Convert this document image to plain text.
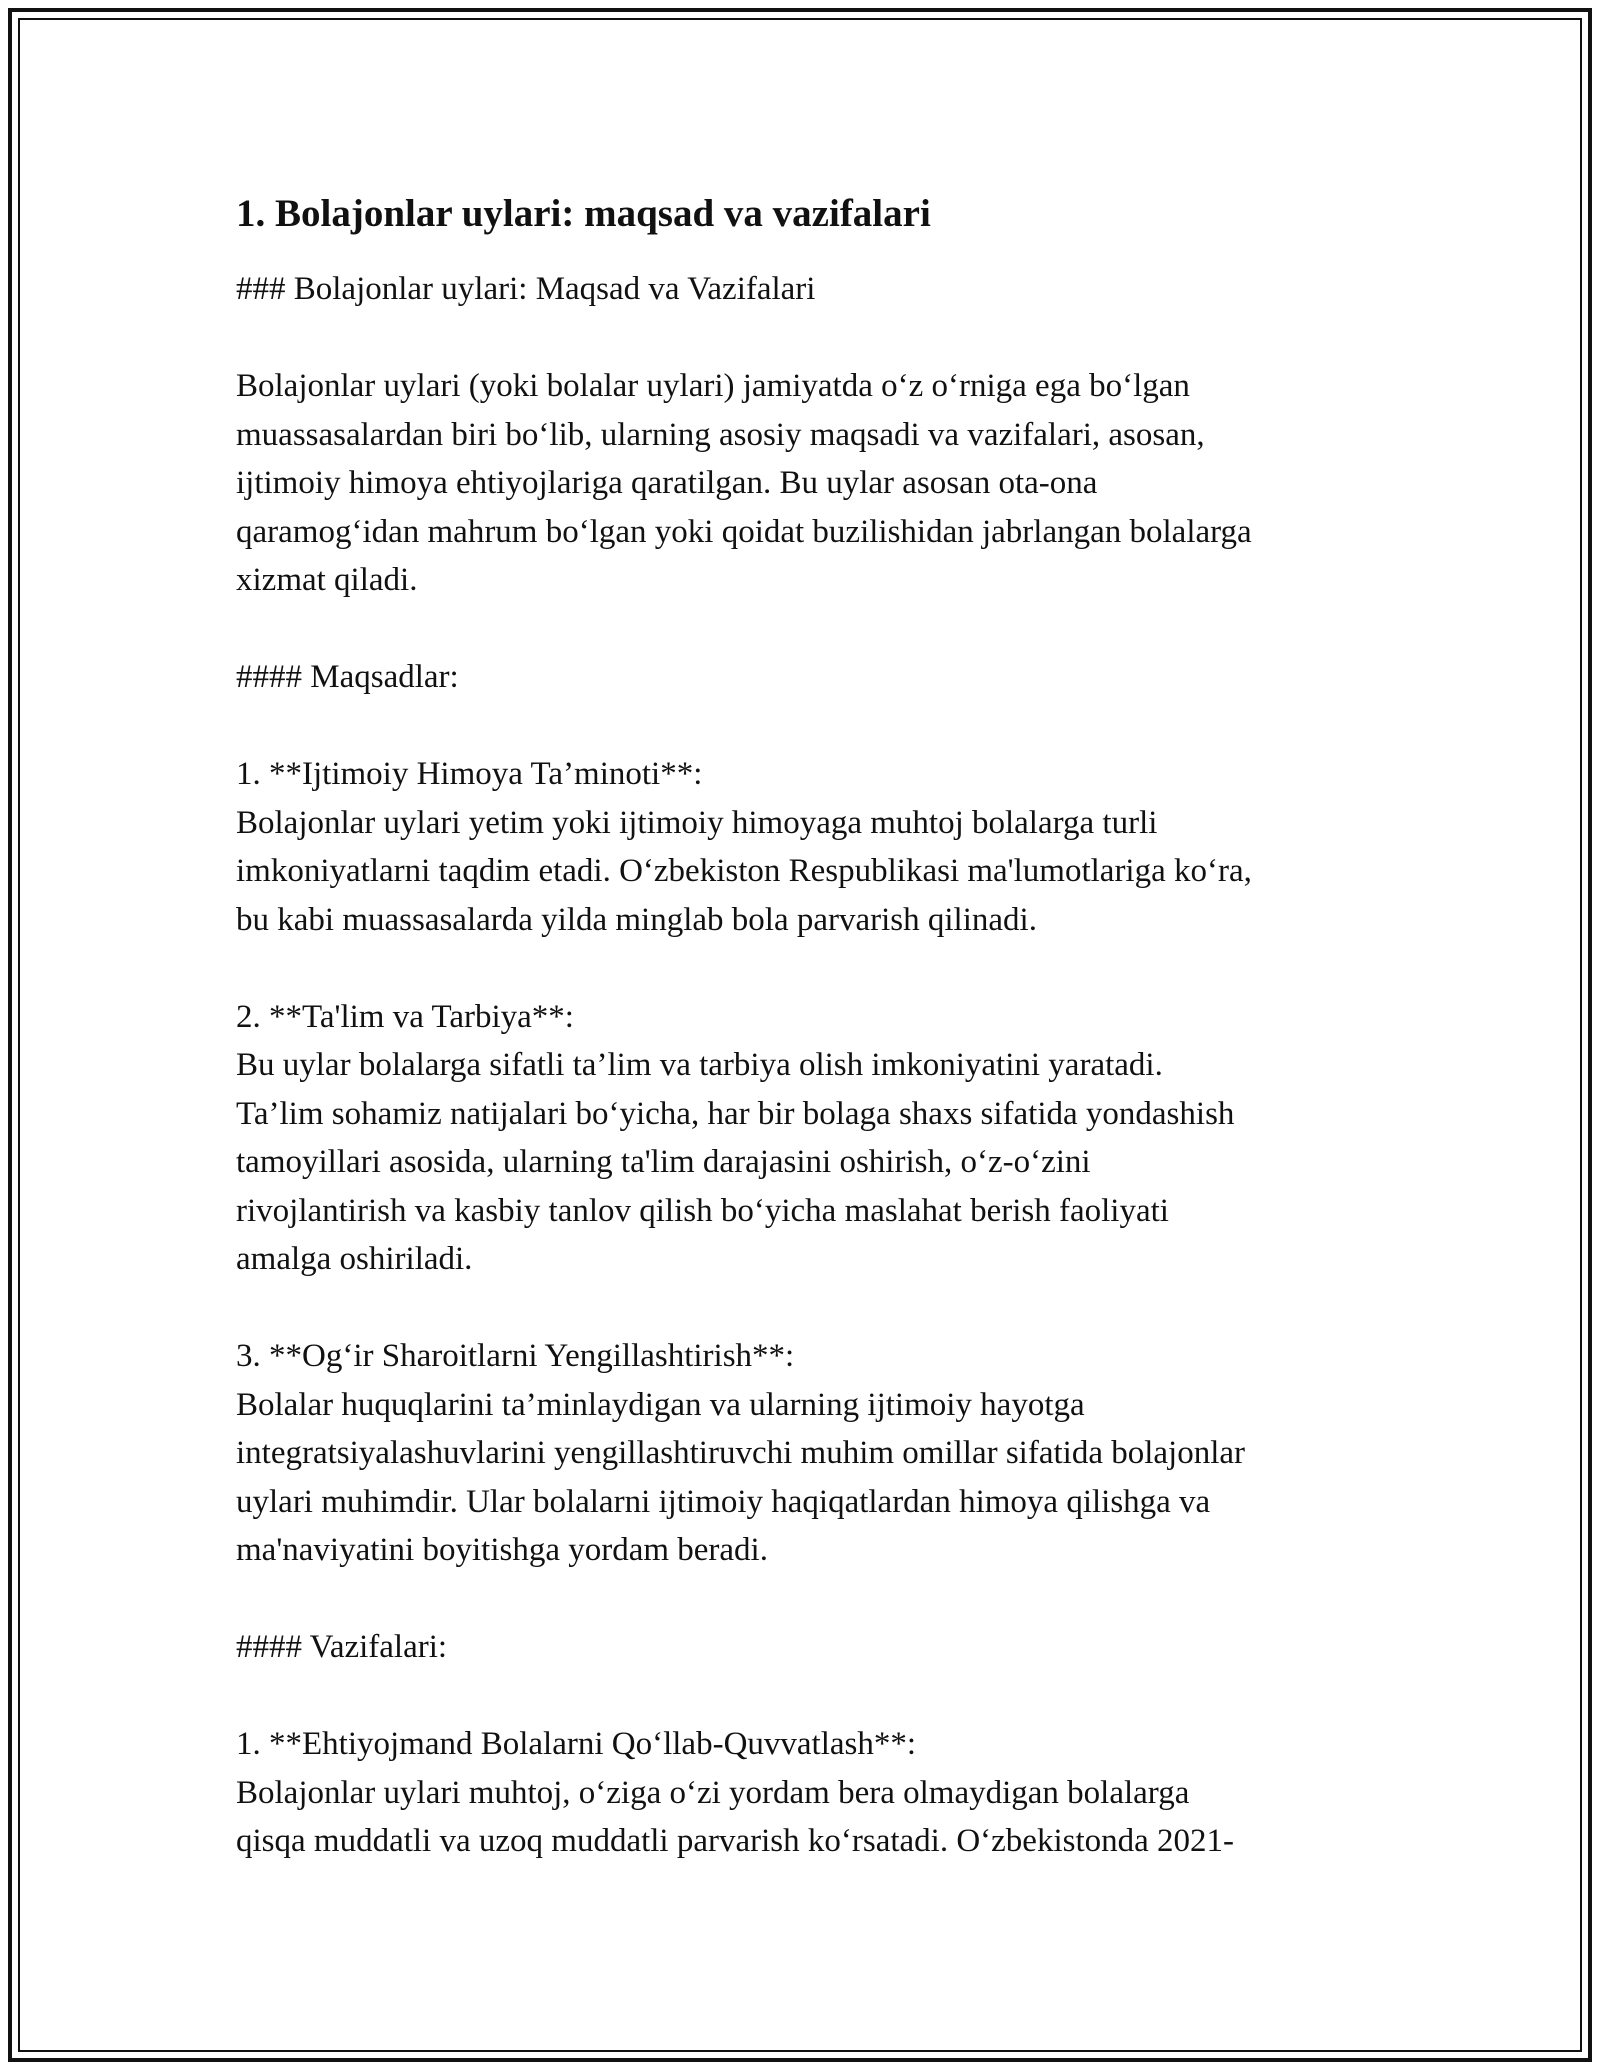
1. Bolajonlar uylari: maqsad va vazifalari

### Bolajonlar uylari: Maqsad va Vazifalari

Bolajonlar uylari (yoki bolalar uylari) jamiyatda o‘z o‘rniga ega bo‘lgan
muassasalardan biri bo‘lib, ularning asosiy maqsadi va vazifalari, asosan,
ijtimoiy himoya ehtiyojlariga qaratilgan. Bu uylar asosan ota-ona
qaramog‘idan mahrum bo‘lgan yoki qoidat buzilishidan jabrlangan bolalarga
xizmat qiladi.

#### Maqsadlar:

1. **Ijtimoiy Himoya Ta’minoti**:
Bolajonlar uylari yetim yoki ijtimoiy himoyaga muhtoj bolalarga turli
imkoniyatlarni taqdim etadi. O‘zbekiston Respublikasi ma'lumotlariga ko‘ra,
bu kabi muassasalarda yilda minglab bola parvarish qilinadi.

2. **Ta'lim va Tarbiya**:
Bu uylar bolalarga sifatli ta’lim va tarbiya olish imkoniyatini yaratadi.
Ta’lim sohamiz natijalari bo‘yicha, har bir bolaga shaxs sifatida yondashish
tamoyillari asosida, ularning ta'lim darajasini oshirish, o‘z-o‘zini
rivojlantirish va kasbiy tanlov qilish bo‘yicha maslahat berish faoliyati
amalga oshiriladi.

3. **Og‘ir Sharoitlarni Yengillashtirish**:
Bolalar huquqlarini ta’minlaydigan va ularning ijtimoiy hayotga
integratsiyalashuvlarini yengillashtiruvchi muhim omillar sifatida bolajonlar
uylari muhimdir. Ular bolalarni ijtimoiy haqiqatlardan himoya qilishga va
ma'naviyatini boyitishga yordam beradi.

#### Vazifalari:

1. **Ehtiyojmand Bolalarni Qo‘llab-Quvvatlash**:
Bolajonlar uylari muhtoj, o‘ziga o‘zi yordam bera olmaydigan bolalarga
qisqa muddatli va uzoq muddatli parvarish ko‘rsatadi. O‘zbekistonda 2021-
